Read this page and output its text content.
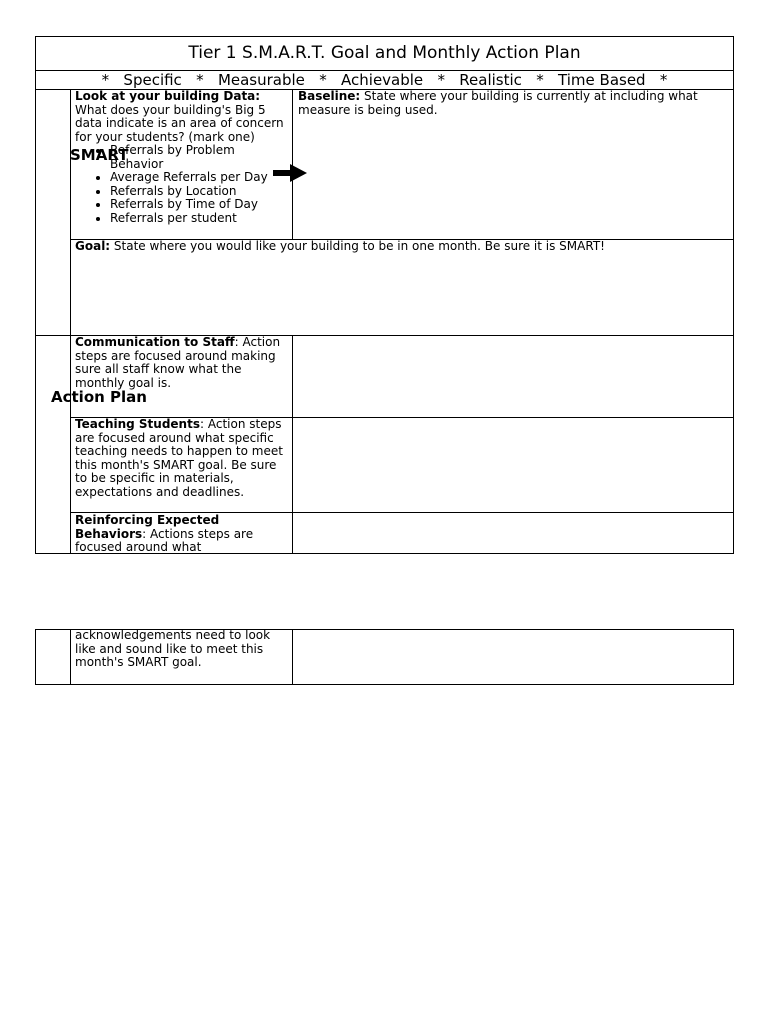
Tier 1 S.M.A.R.T. Goal and Monthly Action Plan
*
Specific
*
Measurable
*
Achievable
*
Realistic
*
Time Based
*
SMART
Look at your building Data:
What does your building's Big 5 data indicate is an area of concern for your students? (mark one)
• Referrals by Problem Behavior
• Average Referrals per Day
• Referrals by Location
• Referrals by Time of Day
• Referrals per student
Baseline: State where your building is currently at including what measure is being used.
Goal: State where you would like your building to be in one month. Be sure it is SMART!
Action Plan
Communication to Staff: Action steps are focused around making sure all staff know what the monthly goal is.
Teaching Students: Action steps are focused around what specific teaching needs to happen to meet this month's SMART goal. Be sure to be specific in materials, expectations and deadlines.
Reinforcing Expected Behaviors: Actions steps are focused around what
acknowledgements need to look like and sound like to meet this month's SMART goal.
